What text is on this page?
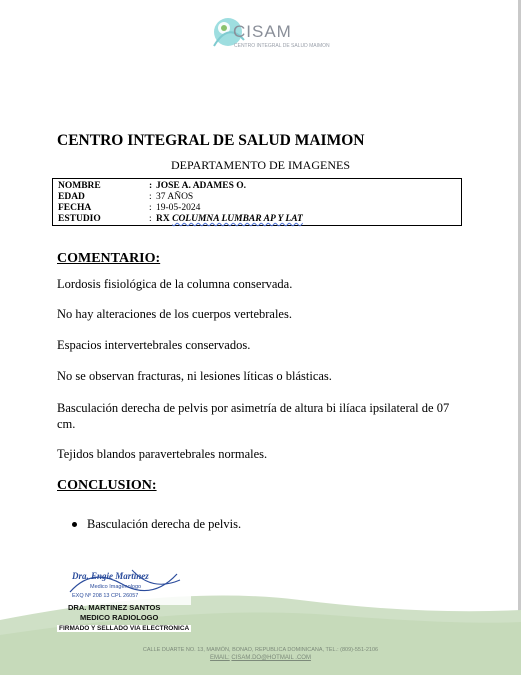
CISAM
CENTRO INTEGRAL DE SALUD MAIMON
CENTRO INTEGRAL DE SALUD MAIMON
DEPARTAMENTO DE IMAGENES
NOMBRE	: JOSE A. ADAMES O.
EDAD	: 37 AÑOS
FECHA	: 19-05-2024
ESTUDIO	: RX COLUMNA LUMBAR AP Y LAT
COMENTARIO:
Lordosis fisiológica de la columna conservada.
No hay alteraciones de los cuerpos vertebrales.
Espacios intervertebrales conservados.
No se observan fracturas, ni lesiones líticas o blásticas.
Basculación derecha de pelvis por asimetría de altura bi ilíaca ipsilateral de 07 cm.
Tejidos blandos paravertebrales normales.
CONCLUSION:
Basculación derecha de pelvis.
Dra. Engie Martinez
Medico Imagenologo
EXQ Nº 208 13 CPL 26057
DRA. MARTINEZ SANTOS
MEDICO RADIOLOGO
FIRMADO Y SELLADO VIA ELECTRONICA
CALLE DUARTE NO. 13, MAIMÓN, BONAO, REPUBLICA DOMINICANA, TEL.: (809)-551-2106
EMAIL: CISAM.DO@HOTMAIL .COM
